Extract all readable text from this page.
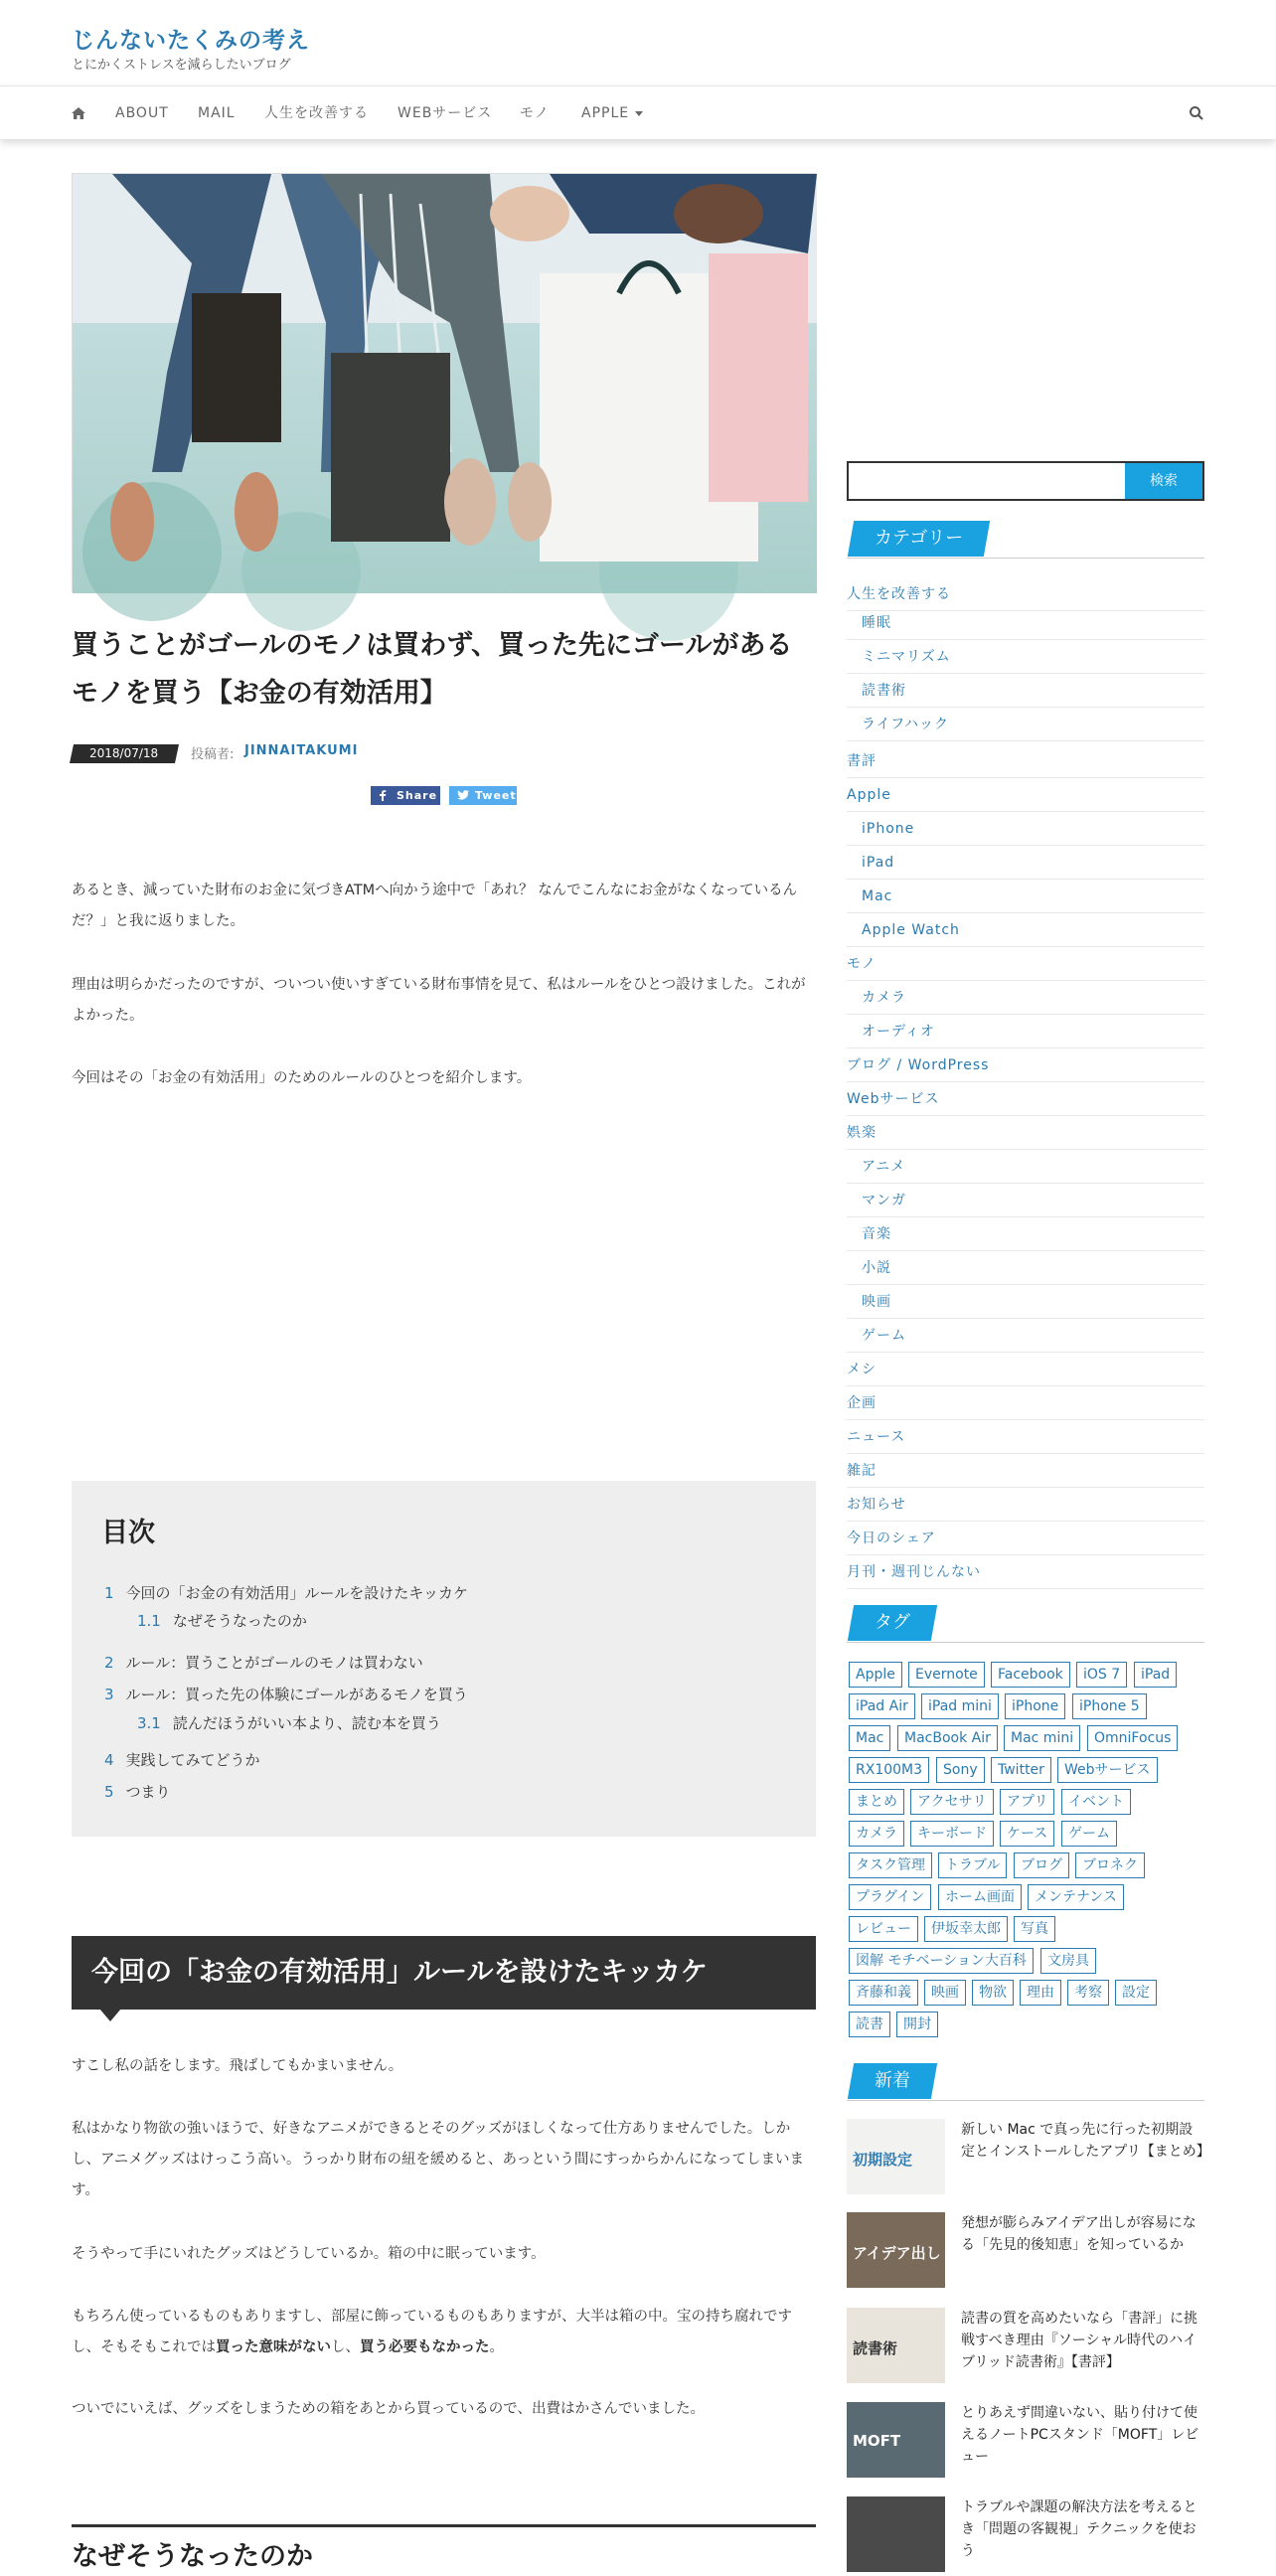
じんないたくみの考え
とにかくストレスを減らしたいブログ
ABOUT MAIL 人生を改善する WEBサービス モノ APPLE
買うことがゴールのモノは買わず、買った先にゴールがあるモノを買う【お金の有効活用】
2018/07/18	投稿者: JINNAITAKUMI
Share	Tweet

あるとき、減っていた財布のお金に気づきATMへ向かう途中で「あれ？ なんでこんなにお金がなくなっているんだ？」と我に返りました。

理由は明らかだったのですが、ついつい使いすぎている財布事情を見て、私はルールをひとつ設けました。これがよかった。

今回はその「お金の有効活用」のためのルールのひとつを紹介します。

目次
1 今回の「お金の有効活用」ルールを設けたキッカケ
1.1 なぜそうなったのか
2 ルール：買うことがゴールのモノは買わない
3 ルール：買った先の体験にゴールがあるモノを買う
3.1 読んだほうがいい本より、読む本を買う
4 実践してみてどうか
5 つまり
今回の「お金の有効活用」ルールを設けたキッカケ

すこし私の話をします。飛ばしてもかまいません。

私はかなり物欲の強いほうで、好きなアニメができるとそのグッズがほしくなって仕方ありませんでした。しかし、アニメグッズはけっこう高い。うっかり財布の紐を緩めると、あっという間にすっからかんになってしまいます。

そうやって手にいれたグッズはどうしているか。箱の中に眠っています。

もちろん使っているものもありますし、部屋に飾っているものもありますが、大半は箱の中。宝の持ち腐れですし、そもそもこれでは買った意味がないし、買う必要もなかった。

ついでにいえば、グッズをしまうための箱をあとから買っているので、出費はかさんでいました。

なぜそうなったのか
検索
カテゴリー
人生を改善する
睡眠
ミニマリズム
読書術
ライフハック
書評
Apple
iPhone
iPad
Mac
Apple Watch
モノ
カメラ
オーディオ
ブログ / WordPress
Webサービス
娯楽
アニメ
マンガ
音楽
小説
映画
ゲーム
メシ
企画
ニュース
雑記
お知らせ
今日のシェア
月刊・週刊じんない
タグ
Apple	Evernote	Facebook	iOS 7	iPad
iPad Air	iPad mini	iPhone	iPhone 5
Mac	MacBook Air	Mac mini	OmniFocus
RX100M3	Sony	Twitter	Webサービス
まとめ	アクセサリ	アプリ	イベント
カメラ	キーボード	ケース	ゲーム
タスク管理	トラブル	ブログ	ブロネク
プラグイン	ホーム画面	メンテナンス
レビュー	伊坂幸太郎	写真
図解 モチベーション大百科	文房具
斉藤和義	映画	物欲	理由	考察	設定
読書	開封
新着
初期設定
新しい Mac で真っ先に行った初期設定とインストールしたアプリ【まとめ】
アイデア出し
発想が膨らみアイデア出しが容易になる「先見的後知恵」を知っているか
読書術
読書の質を高めたいなら「書評」に挑戦すべき理由『ソーシャル時代のハイブリッド読書術』【書評】
MOFT
とりあえず間違いない、貼り付けて使えるノートPCスタンド「MOFT」レビュー
トラブルや課題の解決方法を考えるとき「問題の客観視」テクニックを使おう
